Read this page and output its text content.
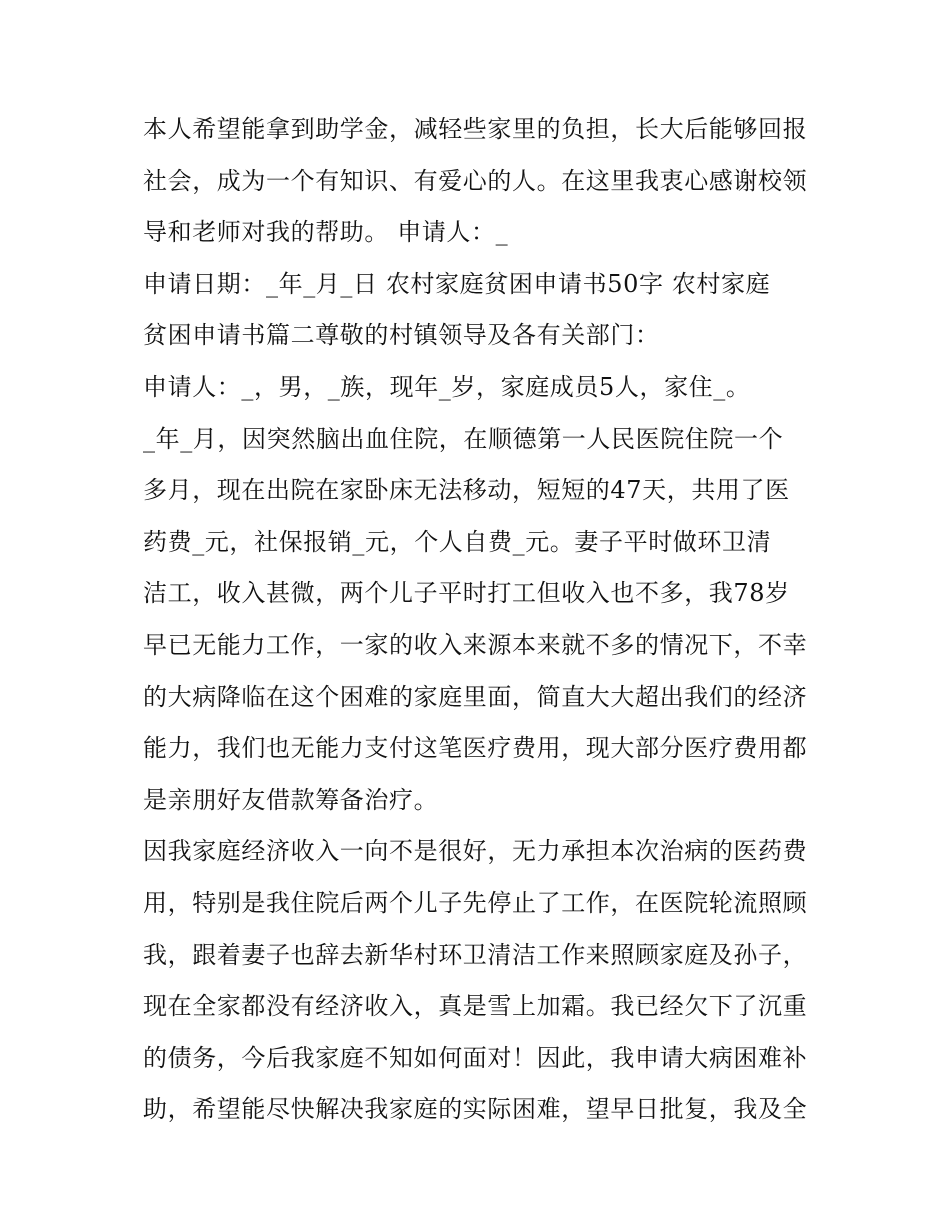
本人希望能拿到助学金，减轻些家里的负担，长大后能够回报
社会，成为一个有知识、有爱心的人。在这里我衷心感谢校领
导和老师对我的帮助。 申请人：_
申请日期：_年_月_日 农村家庭贫困申请书50字 农村家庭
贫困申请书篇二尊敬的村镇领导及各有关部门：
申请人：_，男，_族，现年_岁，家庭成员5人，家住_。
_年_月，因突然脑出血住院，在顺德第一人民医院住院一个
多月，现在出院在家卧床无法移动，短短的47天，共用了医
药费_元，社保报销_元，个人自费_元。妻子平时做环卫清
洁工，收入甚微，两个儿子平时打工但收入也不多，我78岁
早已无能力工作，一家的收入来源本来就不多的情况下，不幸
的大病降临在这个困难的家庭里面，简直大大超出我们的经济
能力，我们也无能力支付这笔医疗费用，现大部分医疗费用都
是亲朋好友借款筹备治疗。
因我家庭经济收入一向不是很好，无力承担本次治病的医药费
用，特别是我住院后两个儿子先停止了工作，在医院轮流照顾
我，跟着妻子也辞去新华村环卫清洁工作来照顾家庭及孙子，
现在全家都没有经济收入，真是雪上加霜。我已经欠下了沉重
的债务，今后我家庭不知如何面对！因此，我申请大病困难补
助，希望能尽快解决我家庭的实际困难，望早日批复，我及全
